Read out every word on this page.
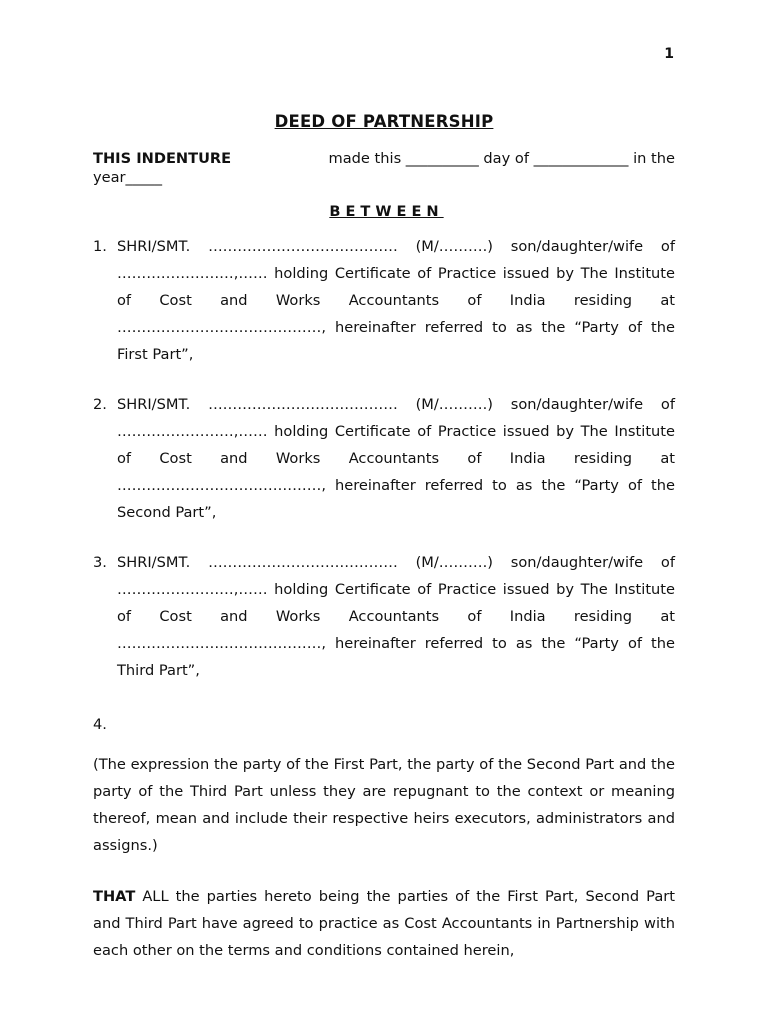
1
DEED OF PARTNERSHIP
THIS INDENTURE	made this __________ day of _____________ in the
year_____
BETWEEN
1. SHRI/SMT. ………………………………… (M/……….) son/daughter/wife of ……………………,…… holding Certificate of Practice issued by The Institute of Cost and Works Accountants of India residing at ……………………………………, hereinafter referred to as the “Party of the First Part”,
2. SHRI/SMT. ………………………………… (M/……….) son/daughter/wife of ……………………,…… holding Certificate of Practice issued by The Institute of Cost and Works Accountants of India residing at ……………………………………, hereinafter referred to as the “Party of the Second Part”,
3. SHRI/SMT. ………………………………… (M/……….) son/daughter/wife of ……………………,…… holding Certificate of Practice issued by The Institute of Cost and Works Accountants of India residing at ……………………………………, hereinafter referred to as the “Party of the Third Part”,
4.
(The expression the party of the First Part, the party of the Second Part and the party of the Third Part unless they are repugnant to the context or meaning thereof, mean and include their respective heirs executors, administrators and assigns.)
THAT ALL the parties hereto being the parties of the First Part, Second Part and Third Part have agreed to practice as Cost Accountants in Partnership with each other on the terms and conditions contained herein,
